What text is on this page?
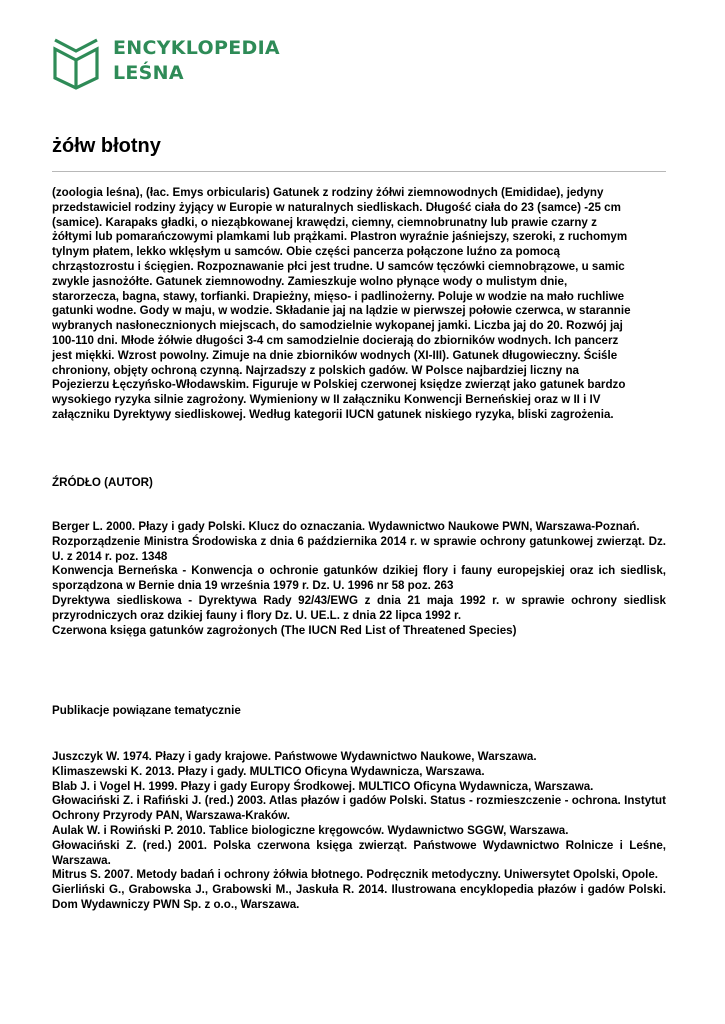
ENCYKLOPEDIA
LEŚNA
żółw błotny
(zoologia leśna), (łac. Emys orbicularis) Gatunek z rodziny żółwi ziemnowodnych (Emididae), jedyny
przedstawiciel rodziny żyjący w Europie w naturalnych siedliskach. Długość ciała do 23 (samce) -25 cm
(samice). Karapaks gładki, o nieząbkowanej krawędzi, ciemny, ciemnobrunatny lub prawie czarny z
żółtymi lub pomarańczowymi plamkami lub prążkami. Plastron wyraźnie jaśniejszy, szeroki, z ruchomym
tylnym płatem, lekko wklęsłym u samców. Obie części pancerza połączone luźno za pomocą
chrząstozrostu i ścięgien. Rozpoznawanie płci jest trudne. U samców tęczówki ciemnobrązowe, u samic
zwykle jasnożółte. Gatunek ziemnowodny. Zamieszkuje wolno płynące wody o mulistym dnie,
starorzecza, bagna, stawy, torfianki. Drapieżny, mięso- i padlinożerny. Poluje w wodzie na mało ruchliwe
gatunki wodne. Gody w maju, w wodzie. Składanie jaj na lądzie w pierwszej połowie czerwca, w starannie
wybranych nasłonecznionych miejscach, do samodzielnie wykopanej jamki. Liczba jaj do 20. Rozwój jaj
100-110 dni. Młode żółwie długości 3-4 cm samodzielnie docierają do zbiorników wodnych. Ich pancerz
jest miękki. Wzrost powolny. Zimuje na dnie zbiorników wodnych (XI-III). Gatunek długowieczny. Ściśle
chroniony, objęty ochroną czynną. Najrzadszy z polskich gadów. W Polsce najbardziej liczny na
Pojezierzu Łęczyńsko-Włodawskim. Figuruje w Polskiej czerwonej księdze zwierząt jako gatunek bardzo
wysokiego ryzyka silnie zagrożony. Wymieniony w II załączniku Konwencji Berneńskiej oraz w II i IV
załączniku Dyrektywy siedliskowej. Według kategorii IUCN gatunek niskiego ryzyka, bliski zagrożenia.
ŹRÓDŁO (AUTOR)

Berger L. 2000. Płazy i gady Polski. Klucz do oznaczania. Wydawnictwo Naukowe PWN, Warszawa-Poznań.

Rozporządzenie Ministra Środowiska z dnia 6 października 2014 r. w sprawie ochrony gatunkowej zwierząt. Dz. U. z 2014 r. poz. 1348

Konwencja Berneńska - Konwencja o ochronie gatunków dzikiej flory i fauny europejskiej oraz ich siedlisk, sporządzona w Bernie dnia 19 września 1979 r. Dz. U. 1996 nr 58 poz. 263

Dyrektywa siedliskowa - Dyrektywa Rady 92/43/EWG z dnia 21 maja 1992 r. w sprawie ochrony siedlisk przyrodniczych oraz dzikiej fauny i flory Dz. U. UE.L. z dnia 22 lipca 1992 r.

Czerwona księga gatunków zagrożonych (The IUCN Red List of Threatened Species)

Publikacje powiązane tematycznie

Juszczyk W. 1974. Płazy i gady krajowe. Państwowe Wydawnictwo Naukowe, Warszawa.

Klimaszewski K. 2013. Płazy i gady. MULTICO Oficyna Wydawnicza, Warszawa.

Blab J. i Vogel H. 1999. Płazy i gady Europy Środkowej. MULTICO Oficyna Wydawnicza, Warszawa.

Głowaciński Z. i Rafiński J. (red.) 2003. Atlas płazów i gadów Polski. Status - rozmieszczenie - ochrona. Instytut Ochrony Przyrody PAN, Warszawa-Kraków.

Aulak W. i Rowiński P. 2010. Tablice biologiczne kręgowców. Wydawnictwo SGGW, Warszawa.

Głowaciński Z. (red.) 2001. Polska czerwona księga zwierząt. Państwowe Wydawnictwo Rolnicze i Leśne, Warszawa.

Mitrus S. 2007. Metody badań i ochrony żółwia błotnego. Podręcznik metodyczny. Uniwersytet Opolski, Opole.

Gierliński G., Grabowska J., Grabowski M., Jaskuła R. 2014. Ilustrowana encyklopedia płazów i gadów Polski. Dom Wydawniczy PWN Sp. z o.o., Warszawa.
